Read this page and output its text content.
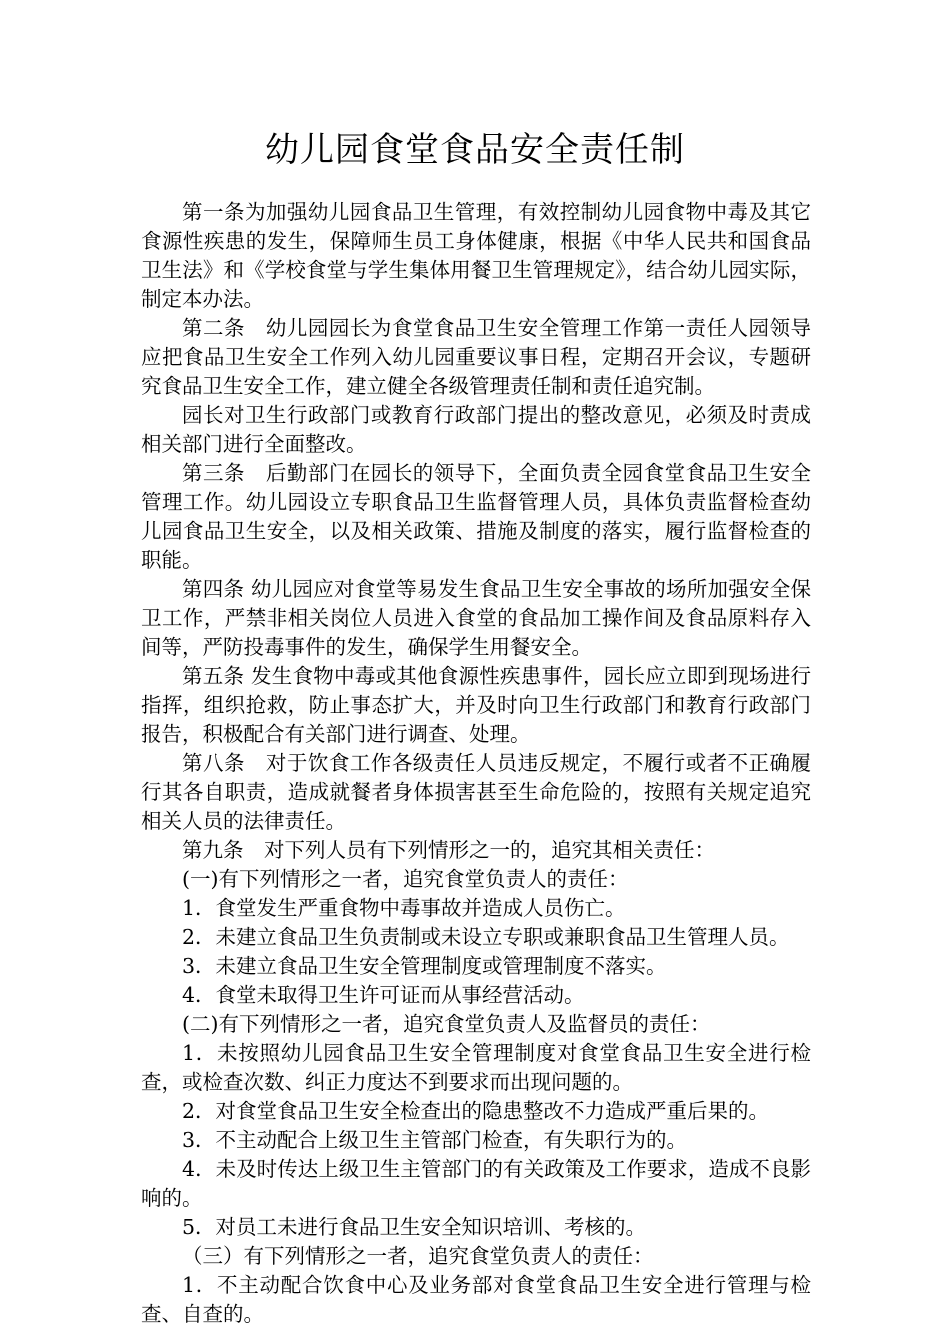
幼儿园食堂食品安全责任制

第一条为加强幼儿园食品卫生管理，有效控制幼儿园食物中毒及其它食源性疾患的发生，保障师生员工身体健康，根据《中华人民共和国食品卫生法》和《学校食堂与学生集体用餐卫生管理规定》，结合幼儿园实际，制定本办法。

第二条　幼儿园园长为食堂食品卫生安全管理工作第一责任人园领导应把食品卫生安全工作列入幼儿园重要议事日程，定期召开会议，专题研究食品卫生安全工作，建立健全各级管理责任制和责任追究制。

园长对卫生行政部门或教育行政部门提出的整改意见，必须及时责成相关部门进行全面整改。

第三条　后勤部门在园长的领导下，全面负责全园食堂食品卫生安全管理工作。幼儿园设立专职食品卫生监督管理人员，具体负责监督检查幼儿园食品卫生安全，以及相关政策、措施及制度的落实，履行监督检查的职能。

第四条 幼儿园应对食堂等易发生食品卫生安全事故的场所加强安全保卫工作，严禁非相关岗位人员进入食堂的食品加工操作间及食品原料存入间等，严防投毒事件的发生，确保学生用餐安全。

第五条 发生食物中毒或其他食源性疾患事件，园长应立即到现场进行指挥，组织抢救，防止事态扩大，并及时向卫生行政部门和教育行政部门报告，积极配合有关部门进行调查、处理。

第八条　对于饮食工作各级责任人员违反规定，不履行或者不正确履行其各自职责，造成就餐者身体损害甚至生命危险的，按照有关规定追究相关人员的法律责任。

第九条　对下列人员有下列情形之一的，追究其相关责任：

(一)有下列情形之一者，追究食堂负责人的责任：

1．食堂发生严重食物中毒事故并造成人员伤亡。

2．未建立食品卫生负责制或未设立专职或兼职食品卫生管理人员。

3．未建立食品卫生安全管理制度或管理制度不落实。

4．食堂未取得卫生许可证而从事经营活动。

(二)有下列情形之一者，追究食堂负责人及监督员的责任：

1．未按照幼儿园食品卫生安全管理制度对食堂食品卫生安全进行检查，或检查次数、纠正力度达不到要求而出现问题的。

2．对食堂食品卫生安全检查出的隐患整改不力造成严重后果的。

3．不主动配合上级卫生主管部门检查，有失职行为的。

4．未及时传达上级卫生主管部门的有关政策及工作要求，造成不良影响的。

5．对员工未进行食品卫生安全知识培训、考核的。

（三）有下列情形之一者，追究食堂负责人的责任：

1．不主动配合饮食中心及业务部对食堂食品卫生安全进行管理与检查、自查的。
